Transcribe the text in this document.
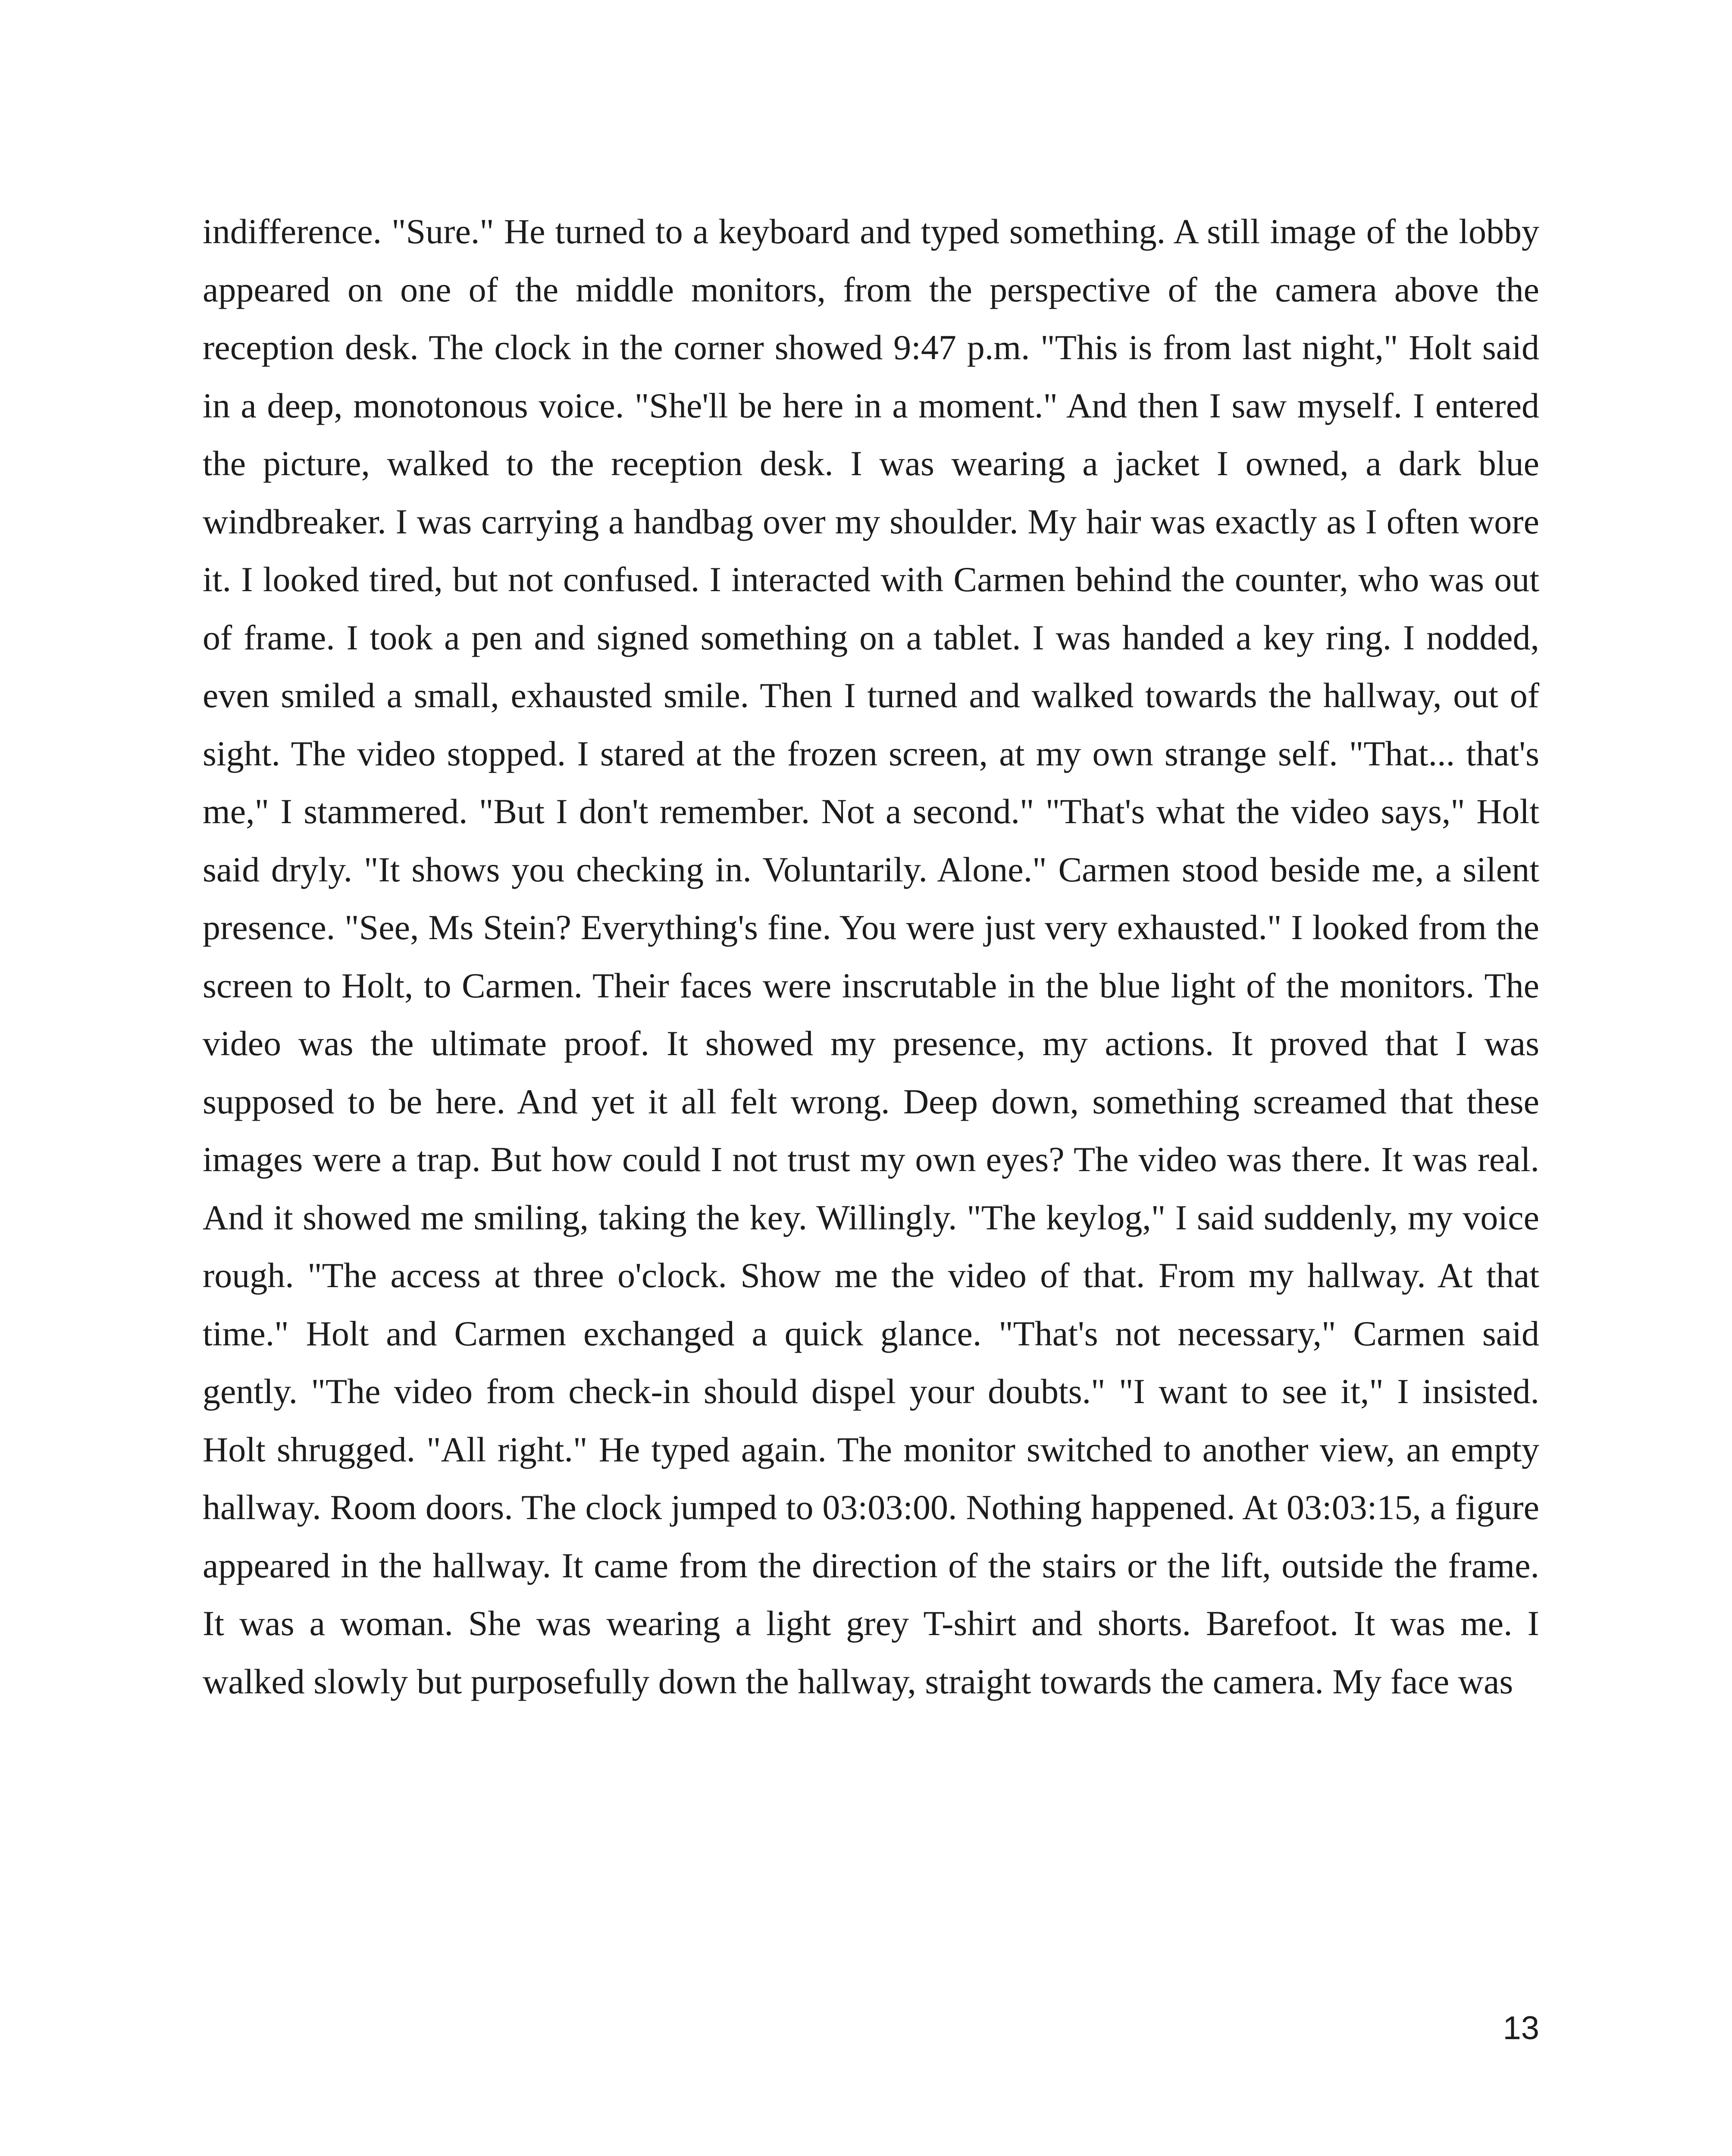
indifference. "Sure." He turned to a keyboard and typed something. A still image of the lobby appeared on one of the middle monitors, from the perspective of the camera above the reception desk. The clock in the corner showed 9:47 p.m. "This is from last night," Holt said in a deep, monotonous voice. "She'll be here in a moment." And then I saw myself. I entered the picture, walked to the reception desk. I was wearing a jacket I owned, a dark blue windbreaker. I was carrying a handbag over my shoulder. My hair was exactly as I often wore it. I looked tired, but not confused. I interacted with Carmen behind the counter, who was out of frame. I took a pen and signed something on a tablet. I was handed a key ring. I nodded, even smiled a small, exhausted smile. Then I turned and walked towards the hallway, out of sight. The video stopped. I stared at the frozen screen, at my own strange self. "That... that's me," I stammered. "But I don't remember. Not a second." "That's what the video says," Holt said dryly. "It shows you checking in. Voluntarily. Alone." Carmen stood beside me, a silent presence. "See, Ms Stein? Everything's fine. You were just very exhausted." I looked from the screen to Holt, to Carmen. Their faces were inscrutable in the blue light of the monitors. The video was the ultimate proof. It showed my presence, my actions. It proved that I was supposed to be here. And yet it all felt wrong. Deep down, something screamed that these images were a trap. But how could I not trust my own eyes? The video was there. It was real. And it showed me smiling, taking the key. Willingly. "The keylog," I said suddenly, my voice rough. "The access at three o'clock. Show me the video of that. From my hallway. At that time." Holt and Carmen exchanged a quick glance. "That's not necessary," Carmen said gently. "The video from check-in should dispel your doubts." "I want to see it," I insisted. Holt shrugged. "All right." He typed again. The monitor switched to another view, an empty hallway. Room doors. The clock jumped to 03:03:00. Nothing happened. At 03:03:15, a figure appeared in the hallway. It came from the direction of the stairs or the lift, outside the frame. It was a woman. She was wearing a light grey T-shirt and shorts. Barefoot. It was me. I walked slowly but purposefully down the hallway, straight towards the camera. My face was

13
